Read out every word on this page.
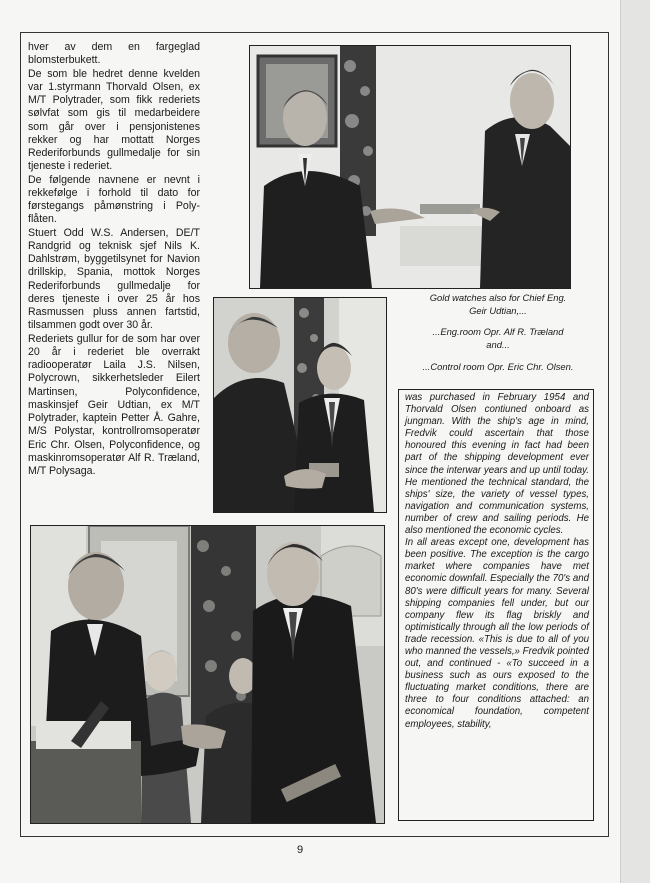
hver av dem en fargeglad blomsterbukett.

De som ble hedret denne kvelden var 1.styrmann Thorvald Olsen, ex M/T Polytrader, som fikk rederiets sølvfat som gis til medarbeidere som går over i pensjonistenes rekker og har mottatt Norges Rederiforbunds gullmedalje for sin tjeneste i rederiet.

De følgende navnene er nevnt i rekkefølge i forhold til dato for førstegangs påmønstring i Poly-flåten.

Stuert Odd W.S. Andersen, DE/T Randgrid og teknisk sjef Nils K. Dahlstrøm, byggetilsynet for Navion drillskip, Spania, mottok Norges Rederiforbunds gullmedalje for deres tjeneste i over 25 år hos Rasmussen pluss annen fartstid, tilsammen godt over 30 år.

Rederiets gullur for de som har over 20 år i rederiet ble overrakt radiooperatør Laila J.S. Nilsen, Polycrown, sikkerhetsleder Eilert Martinsen, Polyconfidence, maskinsjef Geir Udtian, ex M/T Polytrader, kaptein Petter Å. Gahre, M/S Polystar, kontrollromsoperatør Eric Chr. Olsen, Polyconfidence, og maskinromsoperatør Alf R. Træland, M/T Polysaga.

Gold watches also for Chief Eng.

Geir Udtian,...

...Eng.room Opr. Alf R. Træland

and...

...Control room Opr. Eric Chr. Olsen.

was purchased in February 1954 and Thorvald Olsen contiuned onboard as jungman. With the ship's age in mind, Fredvik could ascertain that those honoured this evening in fact had been part of the shipping development ever since the interwar years and up until today. He mentioned the technical standard, the ships' size, the variety of vessel types, navigation and communication systems, number of crew and sailing periods. He also mentioned the economic cycles.

In all areas except one, development has been positive. The exception is the cargo market where companies have met economic downfall. Especially the 70's and 80's were difficult years for many. Several shipping companies fell under, but our company flew its flag briskly and optimistically through all the low periods of trade recession. «This is due to all of you who manned the vessels,» Fredvik pointed out, and continued - «To succeed in a business such as ours exposed to the fluctuating market conditions, there are three to four conditions attached: an economical foundation, competent employees, stability,

9
